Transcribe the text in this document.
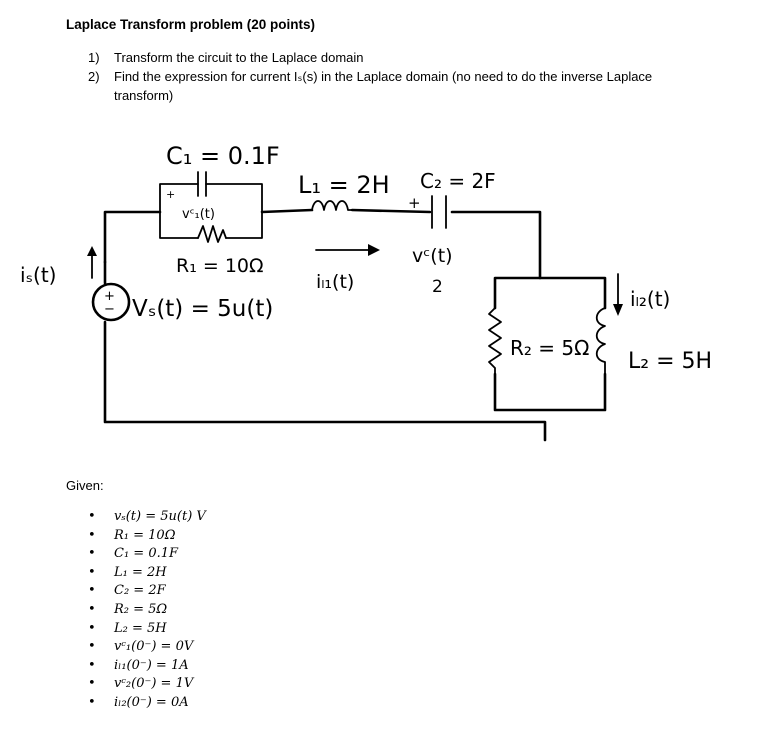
Laplace Transform problem (20 points)
1) Transform the circuit to the Laplace domain
2) Find the expression for current Iₛ(s) in the Laplace domain (no need to do the inverse Laplace transform)
+
vᶜ₁(t)
C₁ = 0.1F
R₁ = 10Ω
L₁ = 2H
iₗ₁(t)
+
C₂ = 2F
vᶜ(t)
2
+
− Vₛ(t) = 5u(t)
iₛ(t)
R₂ = 5Ω
L₂ = 5H
iₗ₂(t)
Given:
• vₛ(t) = 5u(t) V
• R₁ = 10Ω
• C₁ = 0.1F
• L₁ = 2H
• C₂ = 2F
• R₂ = 5Ω
• L₂ = 5H
• vᶜ₁(0⁻) = 0V
• iₗ₁(0⁻) = 1A
• vᶜ₂(0⁻) = 1V
• iₗ₂(0⁻) = 0A
